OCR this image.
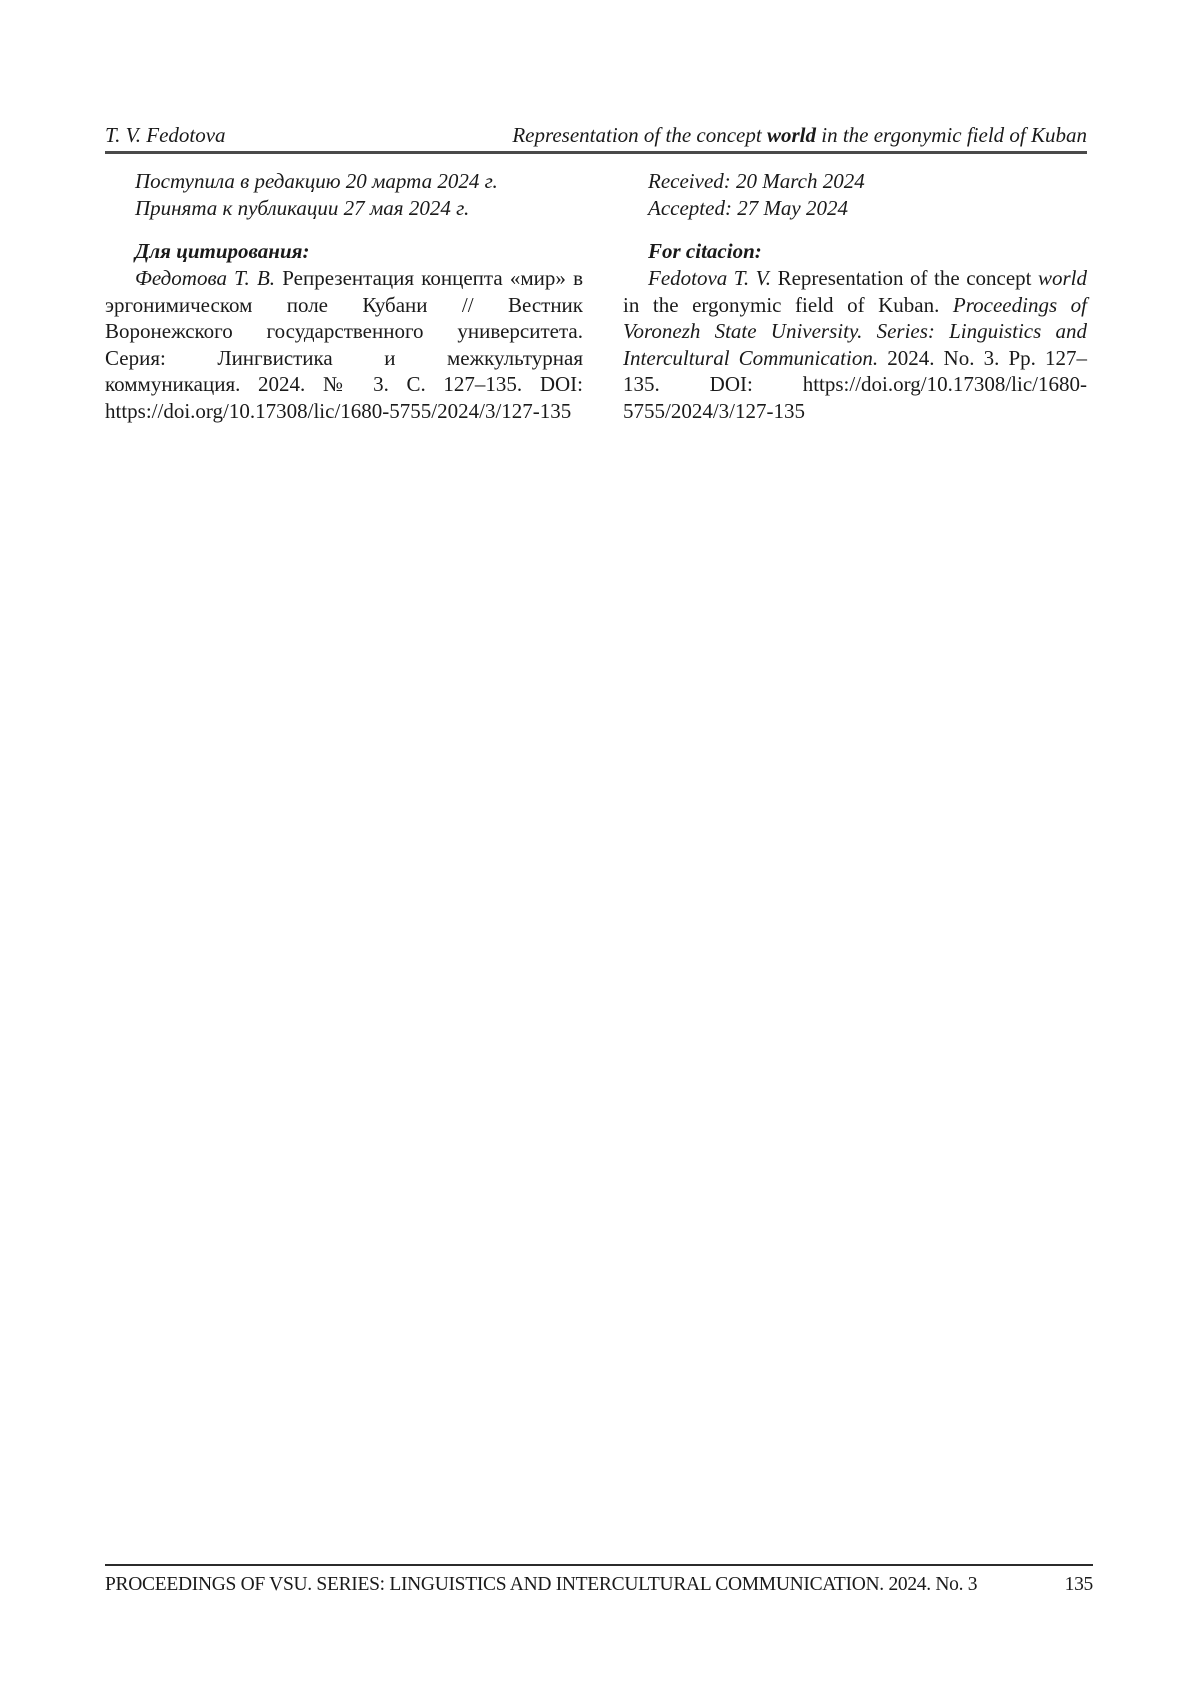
T. V. Fedotova	Representation of the concept world in the ergonymic field of Kuban

Поступила в редакцию 20 марта 2024 г.

Принята к публикации 27 мая 2024 г.

Для цитирования:

Федотова Т. В. Репрезентация концепта «мир» в эргонимическом поле Кубани // Вестник Воронежского государственного университета. Серия: Лингвистика и межкультурная коммуникация. 2024. № 3. С. 127–135. DOI: https://doi.org/10.17308/lic/1680-5755/2024/3/127-135

Received: 20 March 2024

Accepted: 27 May 2024

For citacion:

Fedotova T. V. Representation of the concept world in the ergonymic field of Kuban. Proceedings of Voronezh State University. Series: Linguistics and Intercultural Communication. 2024. No. 3. Pp. 127–135. DOI: https://doi.org/10.17308/lic/1680-5755/2024/3/127-135

PROCEEDINGS OF VSU. SERIES: LINGUISTICS AND INTERCULTURAL COMMUNICATION. 2024. No. 3	135
